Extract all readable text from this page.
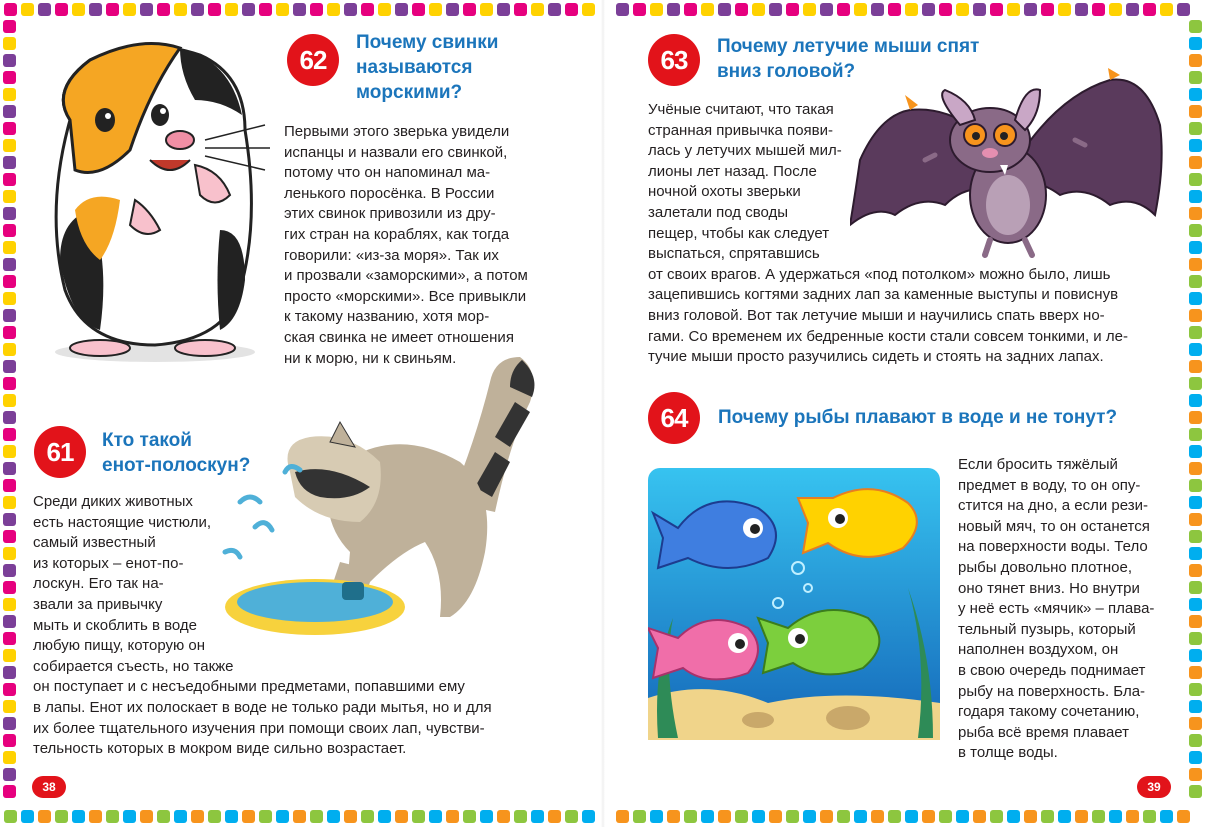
62
Почему свинки
называются
морскими?
Первыми этого зверька увидели
испанцы и назвали его свинкой,
потому что он напоминал ма-
ленького поросёнка. В России
этих свинок привозили из дру-
гих стран на кораблях, как тогда
говорили: «из-за моря». Так их
и прозвали «заморскими», а потом
просто «морскими». Все привыкли
к такому названию, хотя мор-
ская свинка не имеет отношения
ни к морю, ни к свиньям.
61	Кто такой
енот-полоскун?
Среди диких животных
есть настоящие чистюли,
самый известный
из которых – енот-по-
лоскун. Его так на-
звали за привычку
мыть и скоблить в воде
любую пищу, которую он
собирается съесть, но также
он поступает и с несъедобными предметами, попавшими ему
в лапы. Енот их полоскает в воде не только ради мытья, но и для
их более тщательного изучения при помощи своих лап, чувстви-
тельность которых в мокром виде сильно возрастает.
38
63	Почему летучие мыши спят
вниз головой?
Учёные считают, что такая
странная привычка появи-
лась у летучих мышей мил-
лионы лет назад. После
ночной охоты зверьки
залетали под своды
пещер, чтобы как следует
выспаться, спрятавшись
от своих врагов. А удержаться «под потолком» можно было, лишь
зацепившись когтями задних лап за каменные выступы и повиснув
вниз головой. Вот так летучие мыши и научились спать вверх но-
гами. Со временем их бедренные кости стали совсем тонкими, и ле-
тучие мыши просто разучились сидеть и стоять на задних лапах.
64	Почему рыбы плавают в воде и не тонут?
Если бросить тяжёлый
предмет в воду, то он опу-
стится на дно, а если рези-
новый мяч, то он останется
на поверхности воды. Тело
рыбы довольно плотное,
оно тянет вниз. Но внутри
у неё есть «мячик» – плава-
тельный пузырь, который
наполнен воздухом, он
в свою очередь поднимает
рыбу на поверхность. Бла-
годаря такому сочетанию,
рыба всё время плавает
в толще воды.
39
